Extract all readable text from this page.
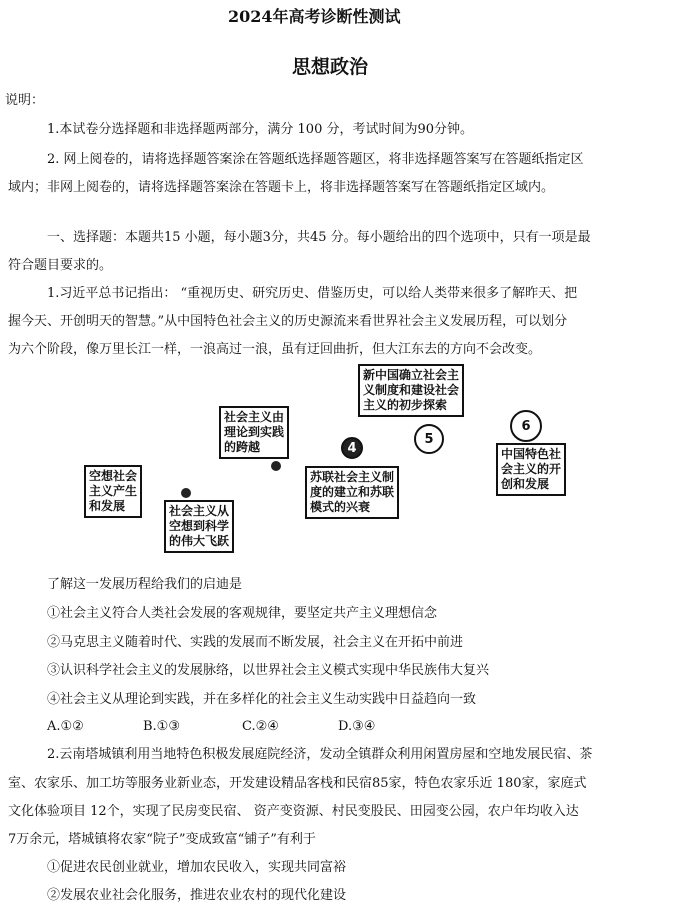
2024年高考诊断性测试
思想政治
说明：
1.本试卷分选择题和非选择题两部分，满分 100 分，考试时间为90分钟。
2. 网上阅卷的，请将选择题答案涂在答题纸选择题答题区，将非选择题答案写在答题纸指定区
域内；非网上阅卷的，请将选择题答案涂在答题卡上，将非选择题答案写在答题纸指定区域内。
一、选择题：本题共15 小题，每小题3分，共45 分。每小题给出的四个选项中，只有一项是最
符合题目要求的。
1.习近平总书记指出： “重视历史、研究历史、借鉴历史，可以给人类带来很多了解昨天、把
握今天、开创明天的智慧。”从中国特色社会主义的历史源流来看世界社会主义发展历程，可以划分
为六个阶段，像万里长江一样，一浪高过一浪，虽有迂回曲折，但大江东去的方向不会改变。
空想社会
主义产生
和发展	社会主义从
空想到科学
的伟大飞跃
社会主义由
理论到实践
的跨越
苏联社会主义制
度的建立和苏联
模式的兴衰
新中国确立社会主
义制度和建设社会
主义的初步探索
中国特色社
会主义的开
创和发展
4
5
6
了解这一发展历程给我们的启迪是
①社会主义符合人类社会发展的客观规律，要坚定共产主义理想信念
②马克思主义随着时代、实践的发展而不断发展，社会主义在开拓中前进
③认识科学社会主义的发展脉络，以世界社会主义模式实现中华民族伟大复兴
④社会主义从理论到实践，并在多样化的社会主义生动实践中日益趋向一致
A.①②	B.①③	C.②④	D.③④
2.云南塔城镇利用当地特色积极发展庭院经济，发动全镇群众利用闲置房屋和空地发展民宿、茶
室、农家乐、加工坊等服务业新业态，开发建设精品客栈和民宿85家，特色农家乐近 180家，家庭式
文化体验项目 12个，实现了民房变民宿、 资产变资源、村民变股民、田园变公园，农户年均收入达
7万余元，塔城镇将农家“院子”变成致富“铺子”有利于
①促进农民创业就业，增加农民收入，实现共同富裕
②发展农业社会化服务，推进农业农村的现代化建设
